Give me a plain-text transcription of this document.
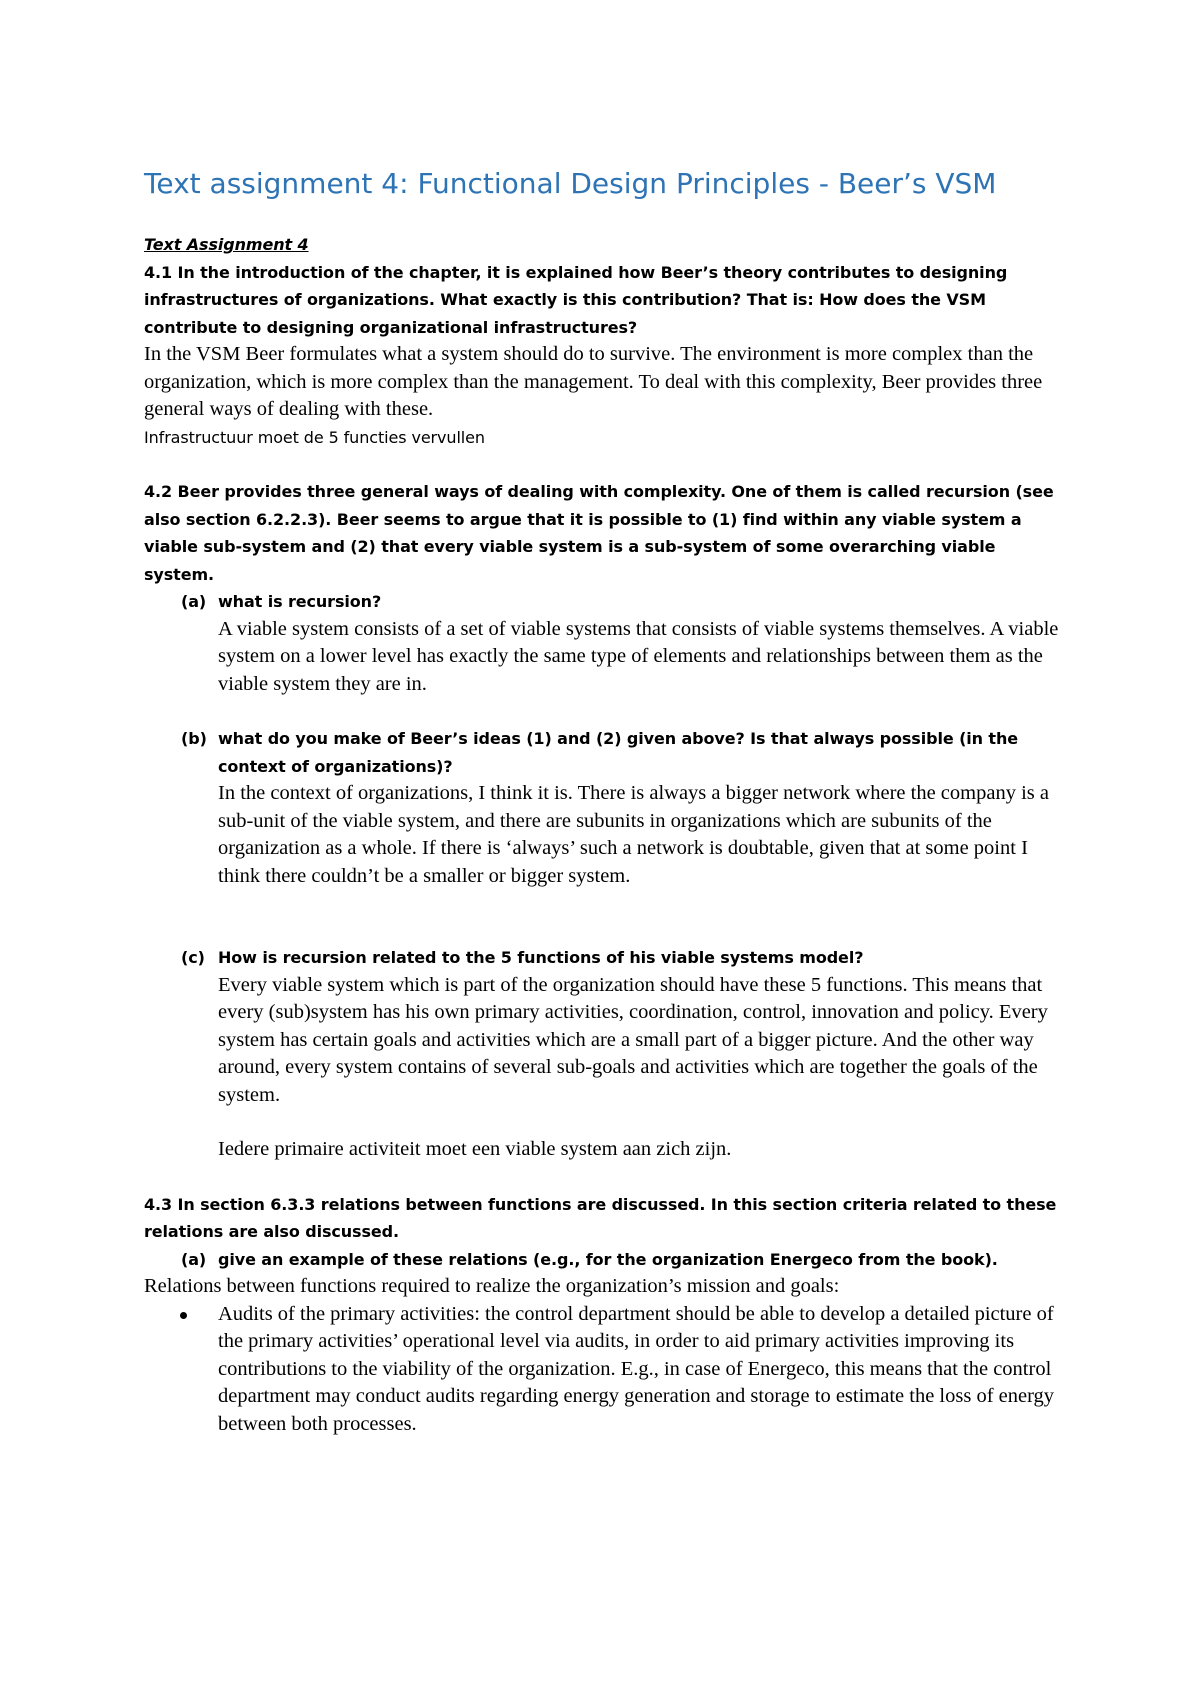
Text assignment 4: Functional Design Principles - Beer’s VSM

Text Assignment 4

4.1 In the introduction of the chapter, it is explained how Beer’s theory contributes to designing infrastructures of organizations. What exactly is this contribution? That is: How does the VSM contribute to designing organizational infrastructures?

In the VSM Beer formulates what a system should do to survive. The environment is more complex than the organization, which is more complex than the management. To deal with this complexity, Beer provides three general ways of dealing with these.

Infrastructuur moet de 5 functies vervullen

4.2 Beer provides three general ways of dealing with complexity. One of them is called recursion (see also section 6.2.2.3). Beer seems to argue that it is possible to (1) find within any viable system a viable sub-system and (2) that every viable system is a sub-system of some overarching viable system.

(a) what is recursion?

A viable system consists of a set of viable systems that consists of viable systems themselves. A viable system on a lower level has exactly the same type of elements and relationships between them as the viable system they are in.

(b) what do you make of Beer’s ideas (1) and (2) given above? Is that always possible (in the context of organizations)?

In the context of organizations, I think it is. There is always a bigger network where the company is a sub-unit of the viable system, and there are subunits in organizations which are subunits of the organization as a whole. If there is ‘always’ such a network is doubtable, given that at some point I think there couldn’t be a smaller or bigger system.

(c) How is recursion related to the 5 functions of his viable systems model?

Every viable system which is part of the organization should have these 5 functions. This means that every (sub)system has his own primary activities, coordination, control, innovation and policy. Every system has certain goals and activities which are a small part of a bigger picture. And the other way around, every system contains of several sub-goals and activities which are together the goals of the system.

Iedere primaire activiteit moet een viable system aan zich zijn.

4.3 In section 6.3.3 relations between functions are discussed. In this section criteria related to these relations are also discussed.

(a) give an example of these relations (e.g., for the organization Energeco from the book).

Relations between functions required to realize the organization’s mission and goals:

Audits of the primary activities: the control department should be able to develop a detailed picture of the primary activities’ operational level via audits, in order to aid primary activities improving its contributions to the viability of the organization. E.g., in case of Energeco, this means that the control department may conduct audits regarding energy generation and storage to estimate the loss of energy between both processes.
